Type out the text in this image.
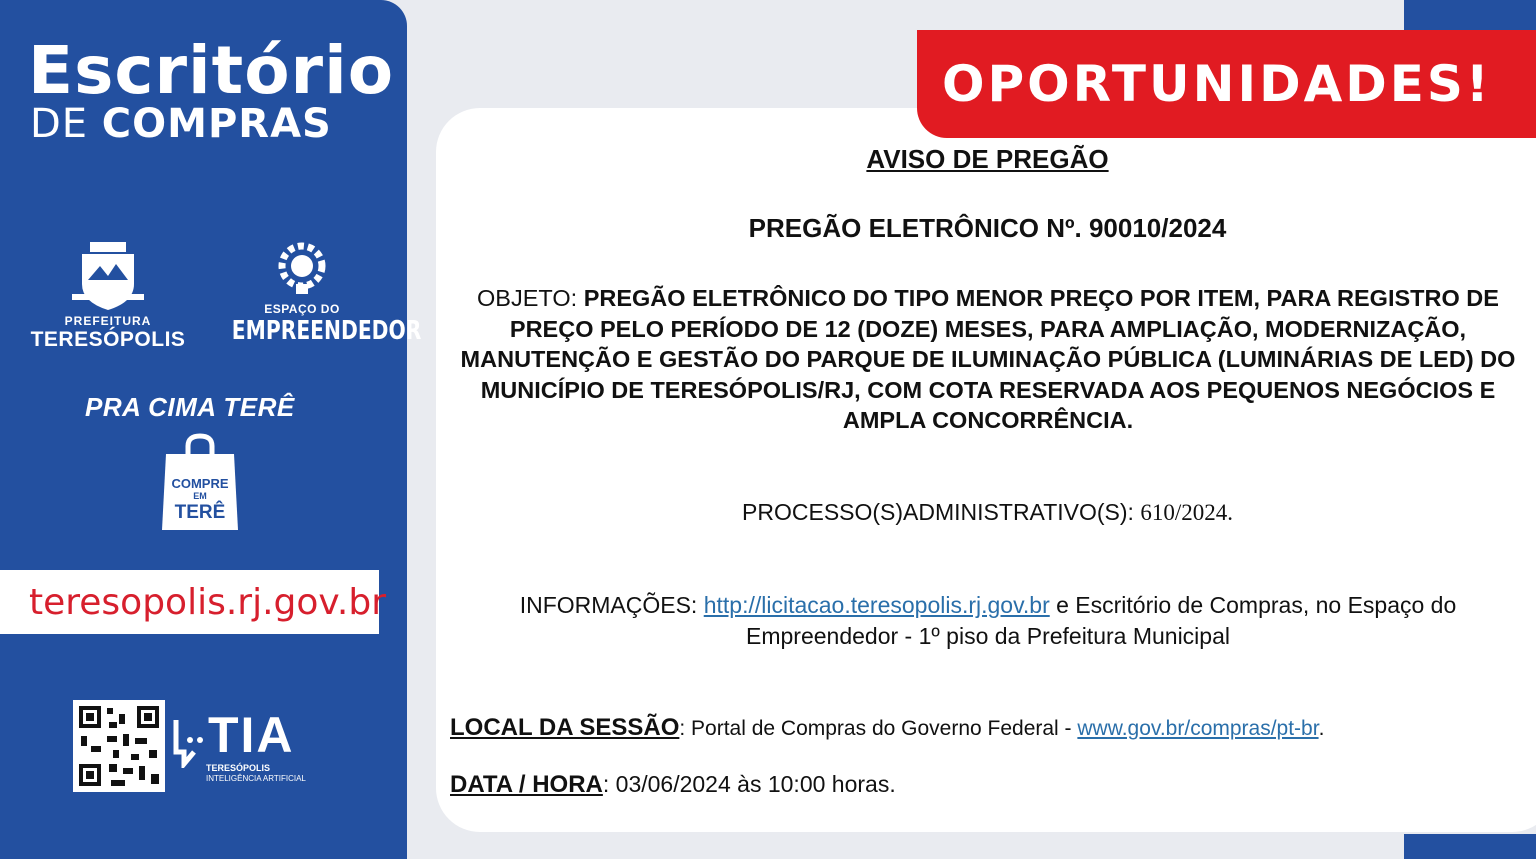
Escritório
DE COMPRAS
PREFEITURA
TERESÓPOLIS
ESPAÇO DO
EMPREENDEDOR
PRA CIMA TERÊ
COMPRE
EM
TERÊ
teresopolis.rj.gov.br
TIA
TERESÓPOLIS
INTELIGÊNCIA ARTIFICIAL
OPORTUNIDADES!
AVISO DE PREGÃO
PREGÃO ELETRÔNICO Nº. 90010/2024
OBJETO: PREGÃO ELETRÔNICO DO TIPO MENOR PREÇO POR ITEM, PARA REGISTRO DE PREÇO PELO PERÍODO DE 12 (DOZE) MESES, PARA AMPLIAÇÃO, MODERNIZAÇÃO, MANUTENÇÃO E GESTÃO DO PARQUE DE ILUMINAÇÃO PÚBLICA (LUMINÁRIAS DE LED) DO MUNICÍPIO DE TERESÓPOLIS/RJ, COM COTA RESERVADA AOS PEQUENOS NEGÓCIOS E AMPLA CONCORRÊNCIA.
PROCESSO(S)ADMINISTRATIVO(S): 610/2024.
INFORMAÇÕES: http://licitacao.teresopolis.rj.gov.br e Escritório de Compras, no Espaço do Empreendedor - 1º piso da Prefeitura Municipal
LOCAL DA SESSÃO: Portal de Compras do Governo Federal - www.gov.br/compras/pt-br.
DATA / HORA: 03/06/2024 às 10:00 horas.
